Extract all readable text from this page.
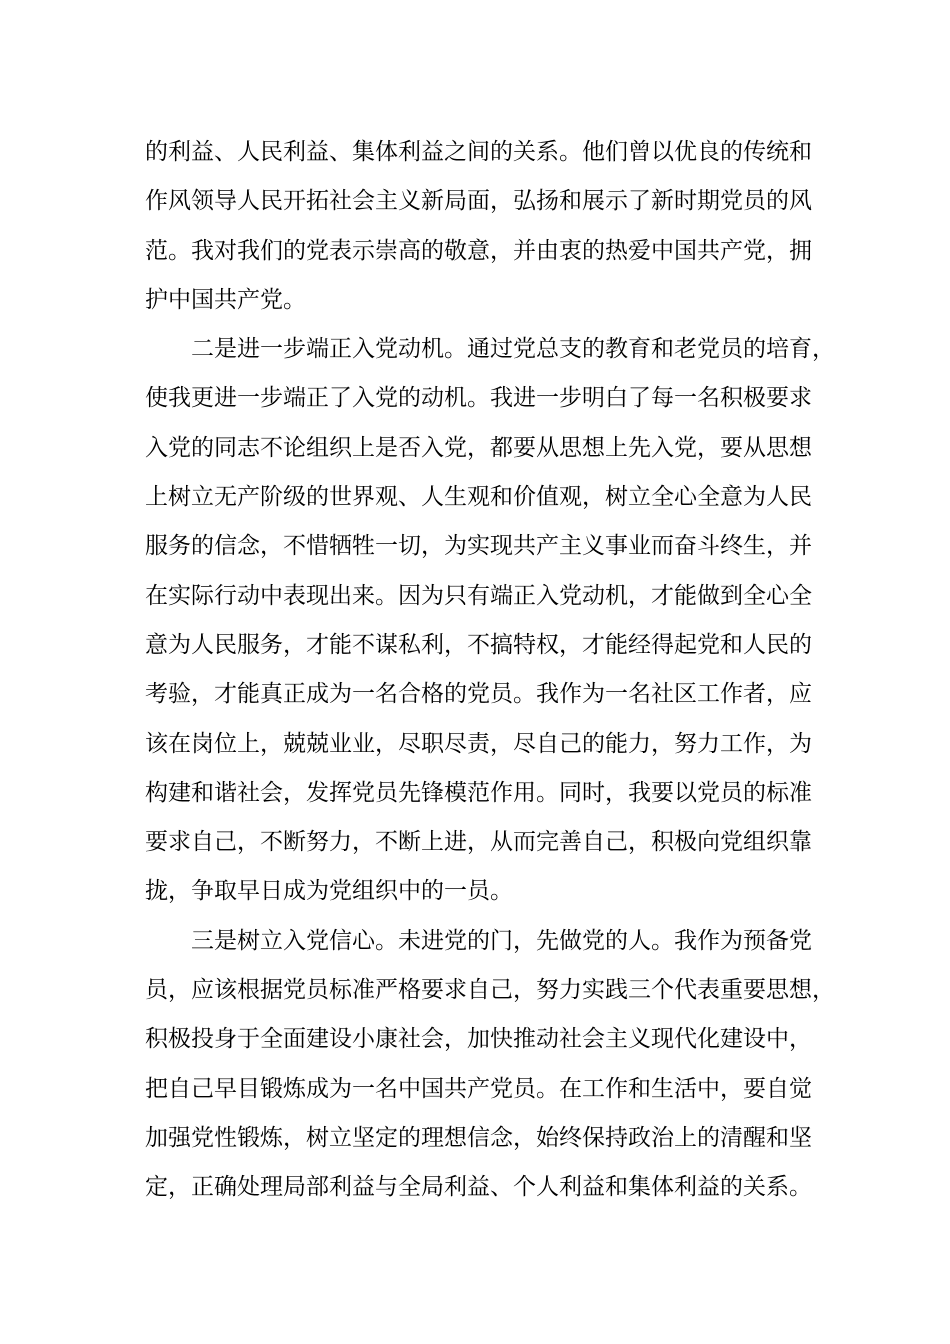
的利益、人民利益、集体利益之间的关系。他们曾以优良的传统和
作风领导人民开拓社会主义新局面，弘扬和展示了新时期党员的风
范。我对我们的党表示崇高的敬意，并由衷的热爱中国共产党，拥
护中国共产党。
二是进一步端正入党动机。通过党总支的教育和老党员的培育，
使我更进一步端正了入党的动机。我进一步明白了每一名积极要求
入党的同志不论组织上是否入党，都要从思想上先入党，要从思想
上树立无产阶级的世界观、人生观和价值观，树立全心全意为人民
服务的信念，不惜牺牲一切，为实现共产主义事业而奋斗终生，并
在实际行动中表现出来。因为只有端正入党动机，才能做到全心全
意为人民服务，才能不谋私利，不搞特权，才能经得起党和人民的
考验，才能真正成为一名合格的党员。我作为一名社区工作者，应
该在岗位上，兢兢业业，尽职尽责，尽自己的能力，努力工作，为
构建和谐社会，发挥党员先锋模范作用。同时，我要以党员的标准
要求自己，不断努力，不断上进，从而完善自己，积极向党组织靠
拢，争取早日成为党组织中的一员。
三是树立入党信心。未进党的门，先做党的人。我作为预备党
员，应该根据党员标准严格要求自己，努力实践三个代表重要思想，
积极投身于全面建设小康社会，加快推动社会主义现代化建设中，
把自己早目锻炼成为一名中国共产党员。在工作和生活中，要自觉
加强党性锻炼，树立坚定的理想信念，始终保持政治上的清醒和坚
定，正确处理局部利益与全局利益、个人利益和集体利益的关系。
